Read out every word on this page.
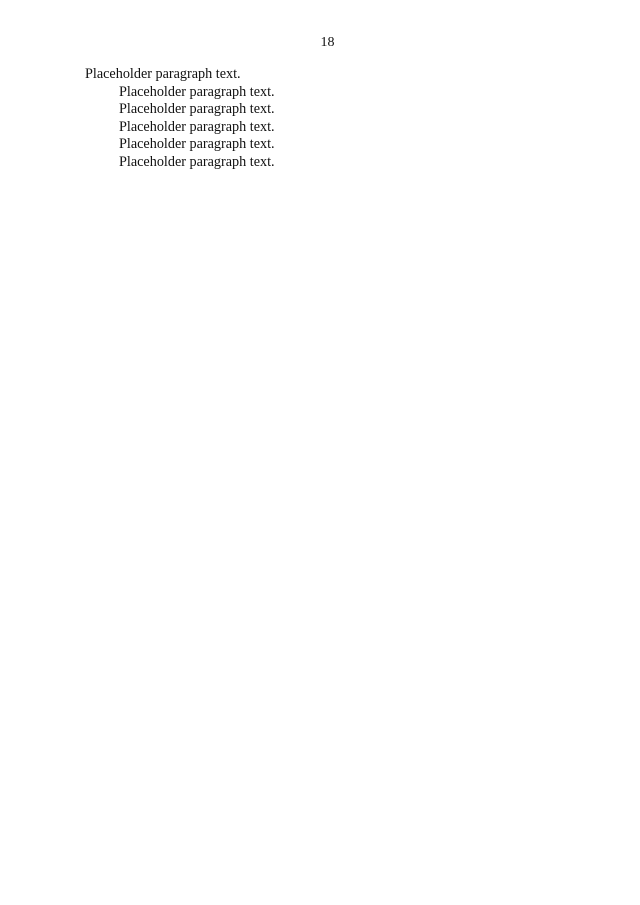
18

Placeholder paragraph text.

Placeholder paragraph text.

Placeholder paragraph text.

Placeholder paragraph text.

Placeholder paragraph text.

Placeholder paragraph text.
